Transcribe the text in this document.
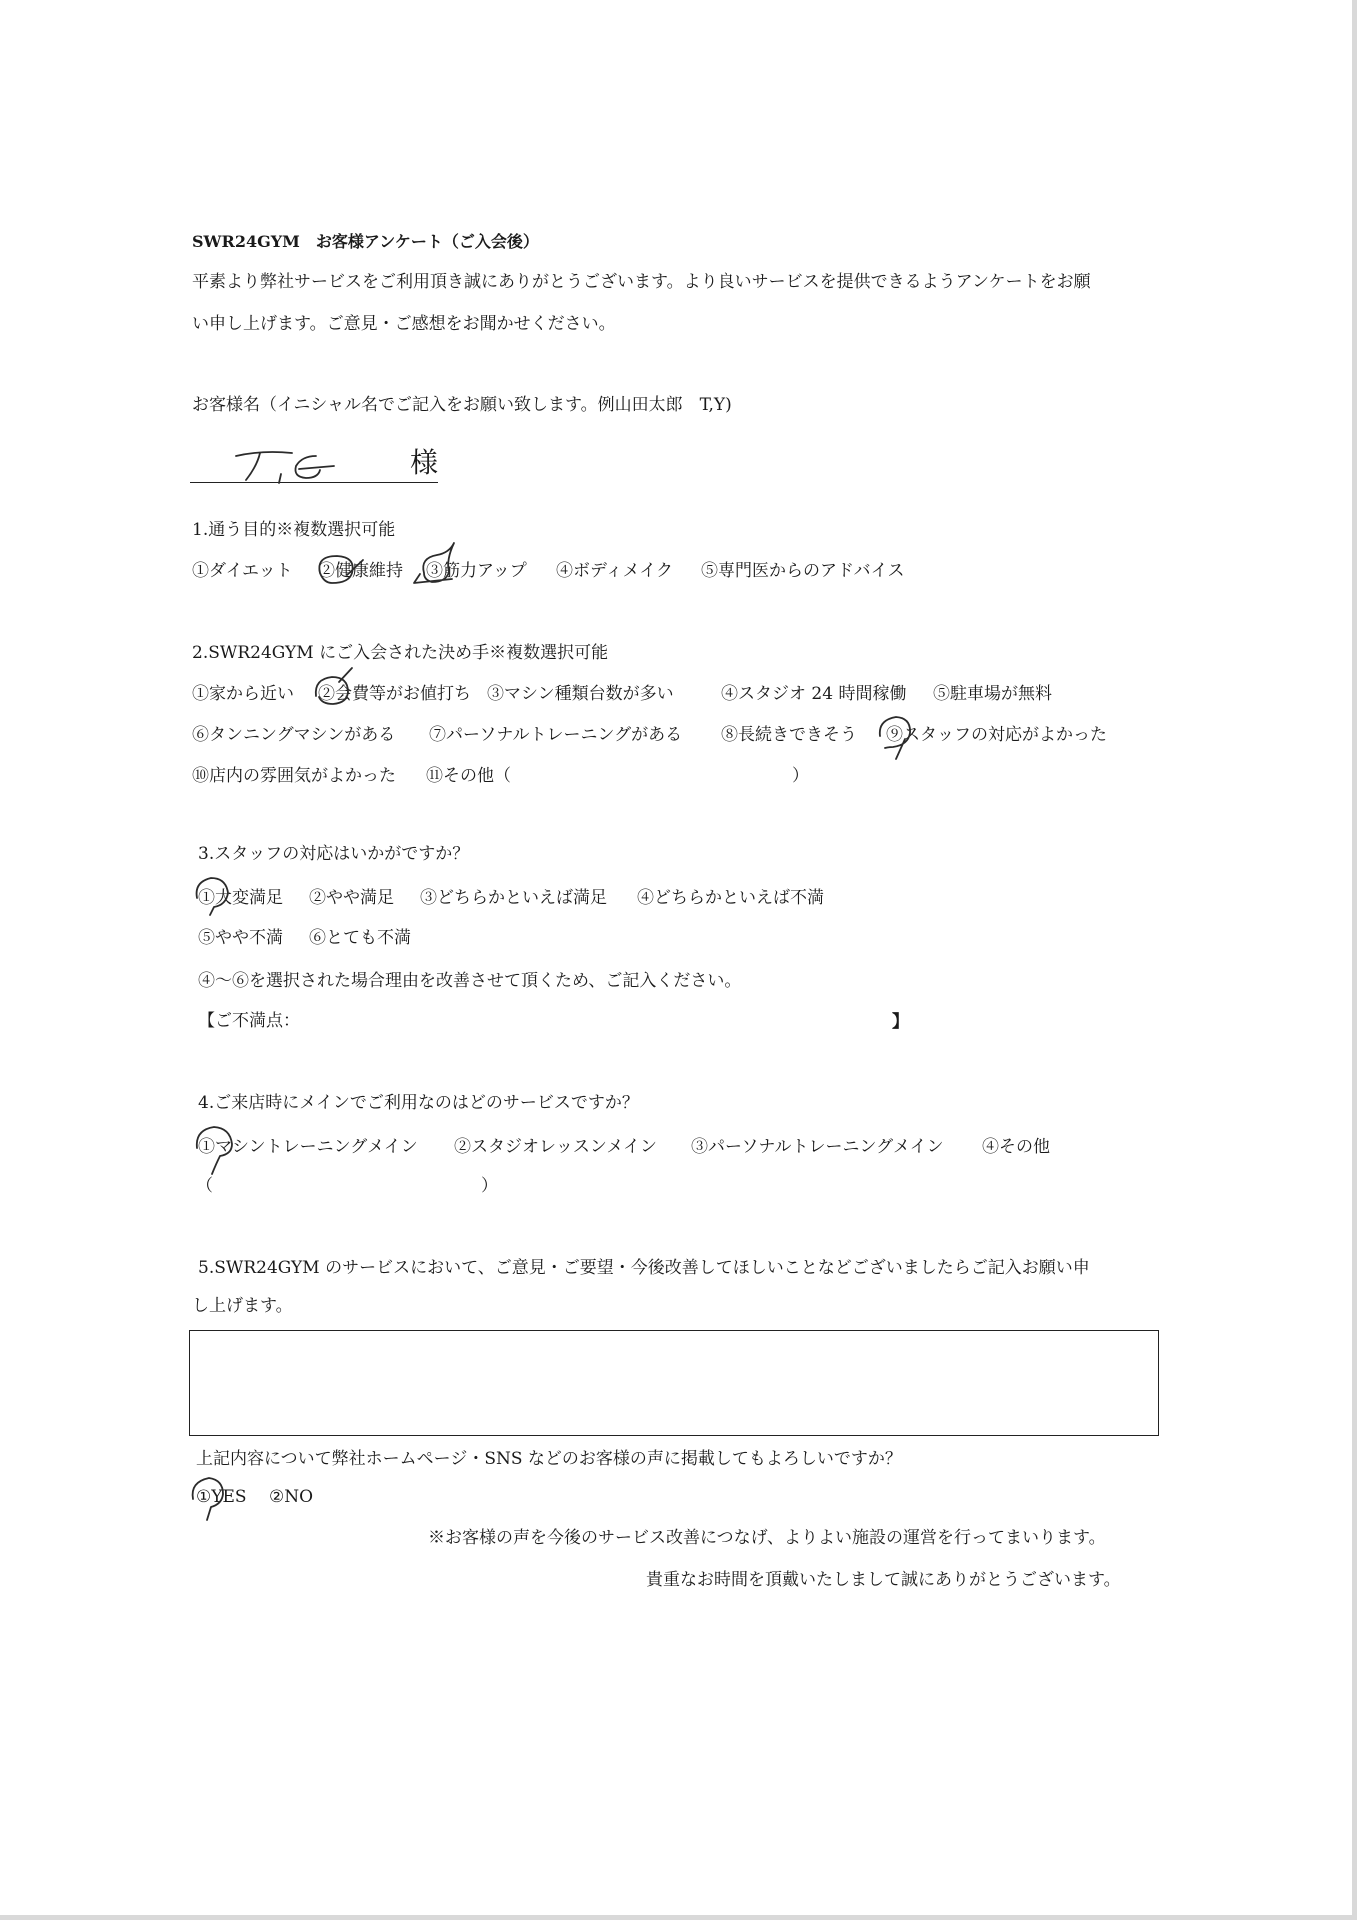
SWR24GYM　お客様アンケート（ご入会後）
平素より弊社サービスをご利用頂き誠にありがとうございます。より良いサービスを提供できるようアンケートをお願
い申し上げます。ご意見・ご感想をお聞かせください。
お客様名（イニシャル名でご記入をお願い致します。例山田太郎　T,Y)
様
1.通う目的※複数選択可能
①ダイエット ②健康維持 ③筋力アップ ④ボディメイク ⑤専門医からのアドバイス
2.SWR24GYM にご入会された決め手※複数選択可能
①家から近い ②会費等がお値打ち ③マシン種類台数が多い	④スタジオ 24 時間稼働 ⑤駐車場が無料
⑥タンニングマシンがある ⑦パーソナルトレーニングがある ⑧長続きできそう ⑨スタッフの対応がよかった
⑩店内の雰囲気がよかった ⑪その他（	）
3.スタッフの対応はいかがですか？
①大変満足 ②やや満足 ③どちらかといえば満足 ④どちらかといえば不満
⑤やや不満 ⑥とても不満
④〜⑥を選択された場合理由を改善させて頂くため、ご記入ください。
【ご不満点：	】
4.ご来店時にメインでご利用なのはどのサービスですか？
①マシントレーニングメイン ②スタジオレッスンメイン ③パーソナルトレーニングメイン ④その他
（	）
5.SWR24GYM のサービスにおいて、ご意見・ご要望・今後改善してほしいことなどございましたらご記入お願い申
し上げます。
上記内容について弊社ホームページ・SNS などのお客様の声に掲載してもよろしいですか？
①YES ②NO
※お客様の声を今後のサービス改善につなげ、よりよい施設の運営を行ってまいります。
貴重なお時間を頂戴いたしまして誠にありがとうございます。
